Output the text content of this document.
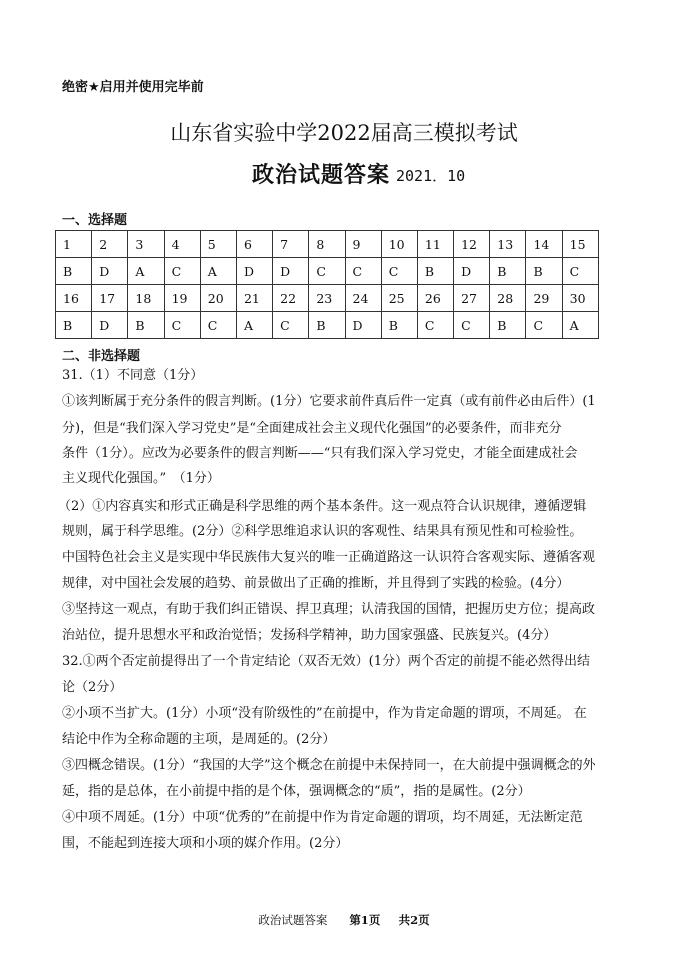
绝密★启用并使用完毕前
山东省实验中学2022届高三模拟考试
政治试题答案 2021．10
一、选择题
1	2	3	4	5	6	7	8	9	10	11	12	13	14	15
B	D	A	C	A	D	D	C	C	C	B	D	B	B	C
16	17	18	19	20	21	22	23	24	25	26	27	28	29	30
B	D	B	C	C	A	C	B	D	B	C	C	B	C	A
二、非选择题
31.（1）不同意（1分）
①该判断属于充分条件的假言判断。(1分）它要求前件真后件一定真（或有前件必由后件）(1
分)，但是“我们深入学习党史”是“全面建成社会主义现代化强国”的必要条件，而非充分
条件（1分）。应改为必要条件的假言判断——“只有我们深入学习党史，才能全面建成社会
主义现代化强国。”　（1分）
（2）①内容真实和形式正确是科学思维的两个基本条件。这一观点符合认识规律，遵循逻辑
规则，属于科学思维。(2分）②科学思维追求认识的客观性、结果具有预见性和可检验性。
中国特色社会主义是实现中华民族伟大复兴的唯一正确道路这一认识符合客观实际、遵循客观
规律，对中国社会发展的趋势、前景做出了正确的推断，并且得到了实践的检验。(4分）
③坚持这一观点，有助于我们纠正错误、捍卫真理；认清我国的国情，把握历史方位；提高政
治站位，提升思想水平和政治觉悟；发扬科学精神，助力国家强盛、民族复兴。(4分）
32.①两个否定前提得出了一个肯定结论（双否无效）(1分）两个否定的前提不能必然得出结
论（2分）
②小项不当扩大。(1分）小项“没有阶级性的”在前提中，作为肯定命题的谓项，不周延。 在
结论中作为全称命题的主项，是周延的。(2分）
③四概念错误。(1分）“我国的大学”这个概念在前提中未保持同一，在大前提中强调概念的外
延，指的是总体，在小前提中指的是个体，强调概念的“质”，指的是属性。(2分）
④中项不周延。(1分）中项“优秀的”在前提中作为肯定命题的谓项，均不周延，无法断定范
围，不能起到连接大项和小项的媒介作用。(2分）
政治试题答案 第1页 共2页
